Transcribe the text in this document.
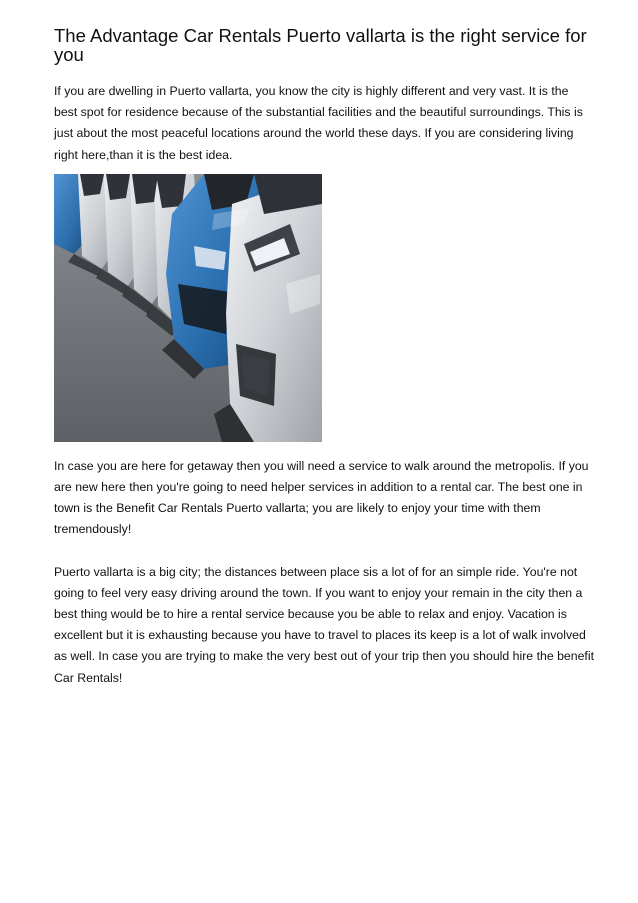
The Advantage Car Rentals Puerto vallarta is the right service for you

If you are dwelling in Puerto vallarta, you know the city is highly different and very vast. It is the best spot for residence because of the substantial facilities and the beautiful surroundings. This is just about the most peaceful locations around the world these days. If you are considering living right here,than it is the best idea.

In case you are here for getaway then you will need a service to walk around the metropolis. If you are new here then you're going to need helper services in addition to a rental car. The best one in town is the Benefit Car Rentals Puerto vallarta; you are likely to enjoy your time with them tremendously!

Puerto vallarta is a big city; the distances between place sis a lot of for an simple ride. You're not going to feel very easy driving around the town. If you want to enjoy your remain in the city then a best thing would be to hire a rental service because you be able to relax and enjoy. Vacation is excellent but it is exhausting because you have to travel to places its keep is a lot of walk involved as well. In case you are trying to make the very best out of your trip then you should hire the benefit Car Rentals!
